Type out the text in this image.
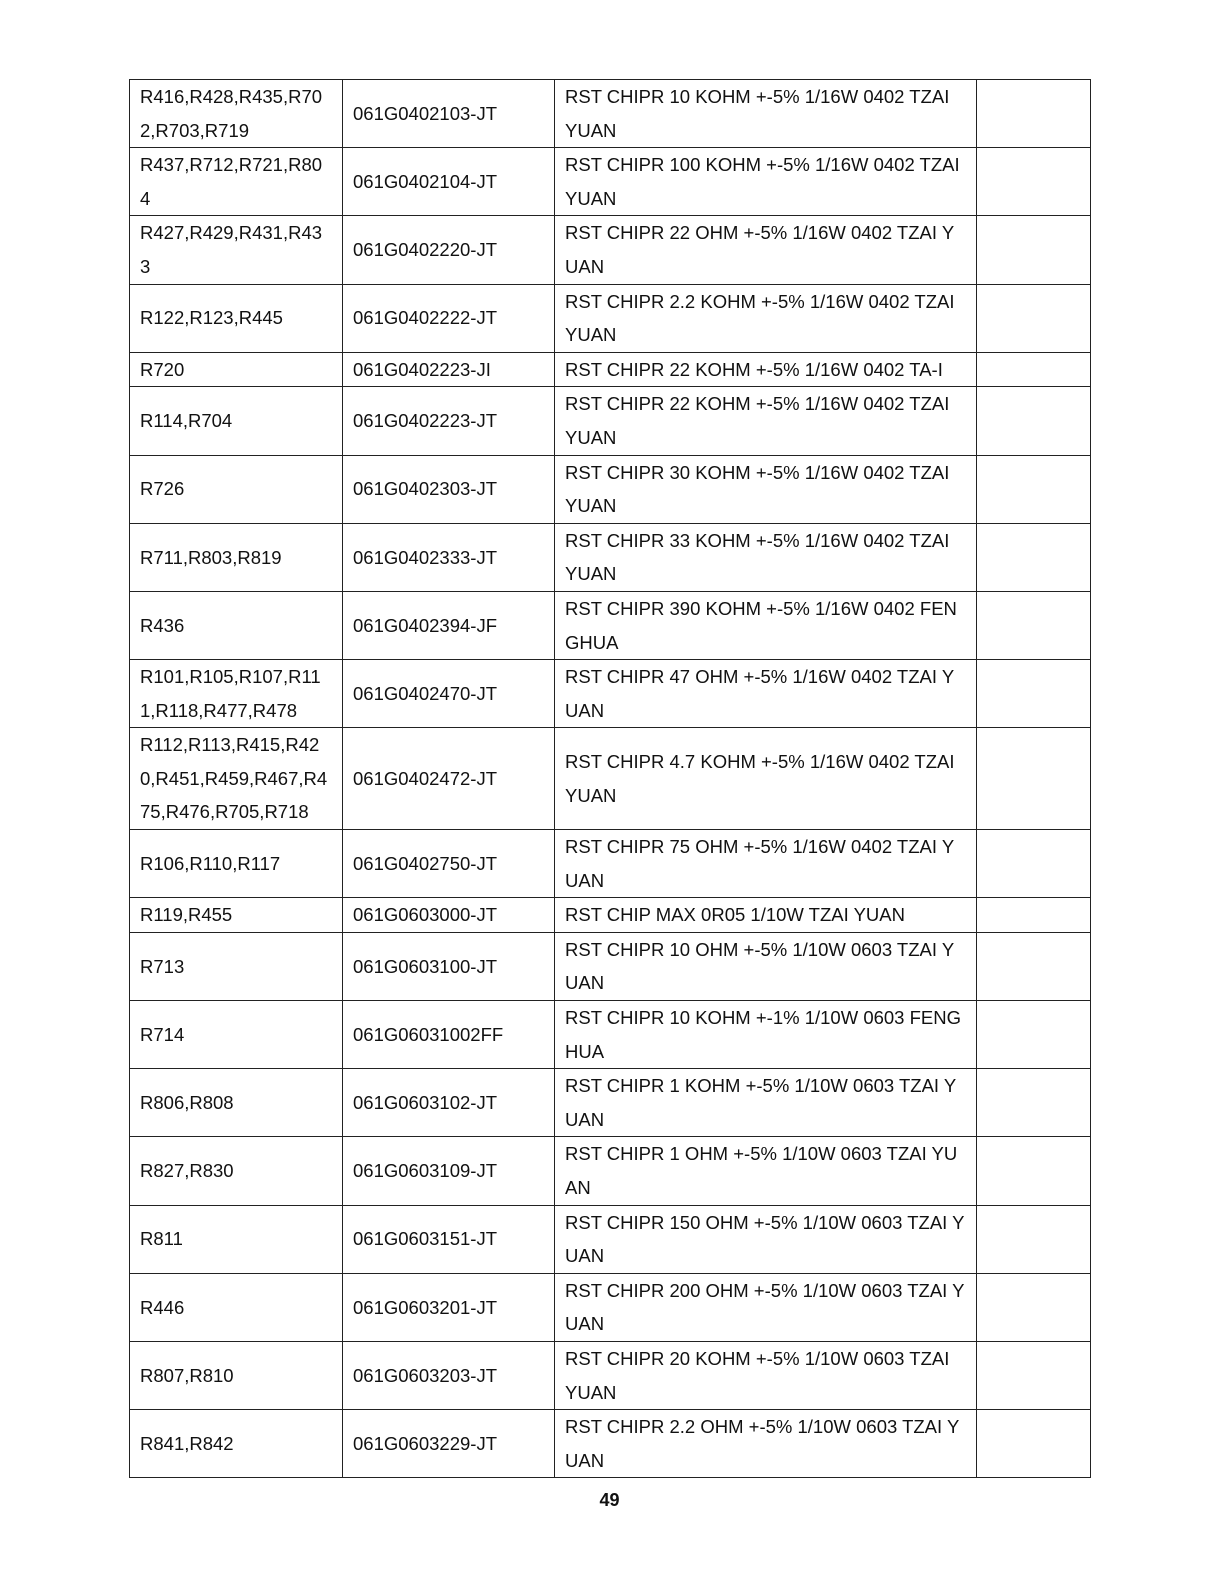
R416,R428,R435,R702,R703,R719	061G0402103-JT	RST CHIPR 10 KOHM +-5% 1/16W 0402 TZAI YUAN	
R437,R712,R721,R804	061G0402104-JT	RST CHIPR 100 KOHM +-5% 1/16W 0402 TZAI YUAN	
R427,R429,R431,R433	061G0402220-JT	RST CHIPR 22 OHM +-5% 1/16W 0402 TZAI YUAN	
R122,R123,R445	061G0402222-JT	RST CHIPR 2.2 KOHM +-5% 1/16W 0402 TZAI YUAN	
R720	061G0402223-JI	RST CHIPR 22 KOHM +-5% 1/16W 0402 TA-I	
R114,R704	061G0402223-JT	RST CHIPR 22 KOHM +-5% 1/16W 0402 TZAI YUAN	
R726	061G0402303-JT	RST CHIPR 30 KOHM +-5% 1/16W 0402 TZAI YUAN	
R711,R803,R819	061G0402333-JT	RST CHIPR 33 KOHM +-5% 1/16W 0402 TZAI YUAN	
R436	061G0402394-JF	RST CHIPR 390 KOHM +-5% 1/16W 0402 FENGHUA	
R101,R105,R107,R111,R118,R477,R478	061G0402470-JT	RST CHIPR 47 OHM +-5% 1/16W 0402 TZAI YUAN	
R112,R113,R415,R420,R451,R459,R467,R475,R476,R705,R718	061G0402472-JT	RST CHIPR 4.7 KOHM +-5% 1/16W 0402 TZAI YUAN	
R106,R110,R117	061G0402750-JT	RST CHIPR 75 OHM +-5% 1/16W 0402 TZAI YUAN	
R119,R455	061G0603000-JT	RST CHIP MAX 0R05 1/10W TZAI YUAN	
R713	061G0603100-JT	RST CHIPR 10 OHM +-5% 1/10W 0603 TZAI YUAN	
R714	061G06031002FF	RST CHIPR 10 KOHM +-1% 1/10W 0603 FENGHUA	
R806,R808	061G0603102-JT	RST CHIPR 1 KOHM +-5% 1/10W 0603 TZAI YUAN	
R827,R830	061G0603109-JT	RST CHIPR 1 OHM +-5% 1/10W 0603 TZAI YUAN	
R811	061G0603151-JT	RST CHIPR 150 OHM +-5% 1/10W 0603 TZAI YUAN	
R446	061G0603201-JT	RST CHIPR 200 OHM +-5% 1/10W 0603 TZAI YUAN	
R807,R810	061G0603203-JT	RST CHIPR 20 KOHM +-5% 1/10W 0603 TZAI YUAN	
R841,R842	061G0603229-JT	RST CHIPR 2.2 OHM +-5% 1/10W 0603 TZAI YUAN	
49
